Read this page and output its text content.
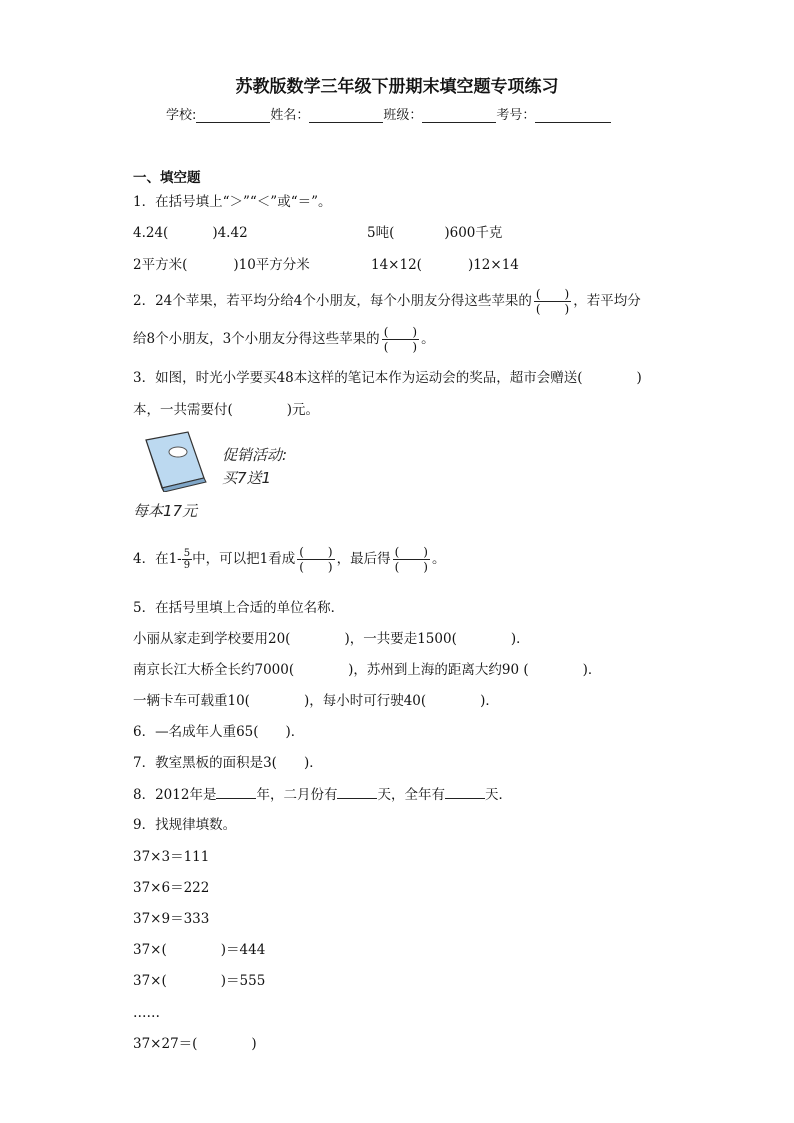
苏教版数学三年级下册期末填空题专项练习
学校:	姓名：	班级：	考号：
一、填空题
1．在括号填上“＞”“＜”或“＝”。
4.24(	)4.42	5吨(	)600千克
2平方米(	)10平方分米	14×12(	)12×14
2．24个苹果，若平均分给4个小朋友，每个小朋友分得这些苹果的 $\frac{( )}{( )}$ ，若平均分
给8个小朋友，3个小朋友分得这些苹果的 $\frac{( )}{( )}$ 。
3．如图，时光小学要买48本这样的笔记本作为运动会的奖品，超市会赠送(　　　　)
本，一共需要付(　　　　)元。
促销活动:
买7送1
每本17元
4．在$1- \frac{5}{9}$ 中，可以把1看成 $\frac{( )}{( )}$ ，最后得 $\frac{( )}{( )}$ 。
5．在括号里填上合适的单位名称．
小丽从家走到学校要用20(　　　　)，一共要走1500(　　　　)．
南京长江大桥全长约7000(　　　　)，苏州到上海的距离大约90 (　　　　)．
一辆卡车可载重10(　　　　)，每小时可行驶40(　　　　)．
6．—名成年人重65(　　)．
7．教室黑板的面积是3(　　)．
8．2012年是	年，二月份有	天，全年有	天．
9．找规律填数。
37×3＝111
37×6＝222
37×9＝333
37×(　　　　)＝444
37×(　　　　)＝555
……
37×27＝(　　　　)
